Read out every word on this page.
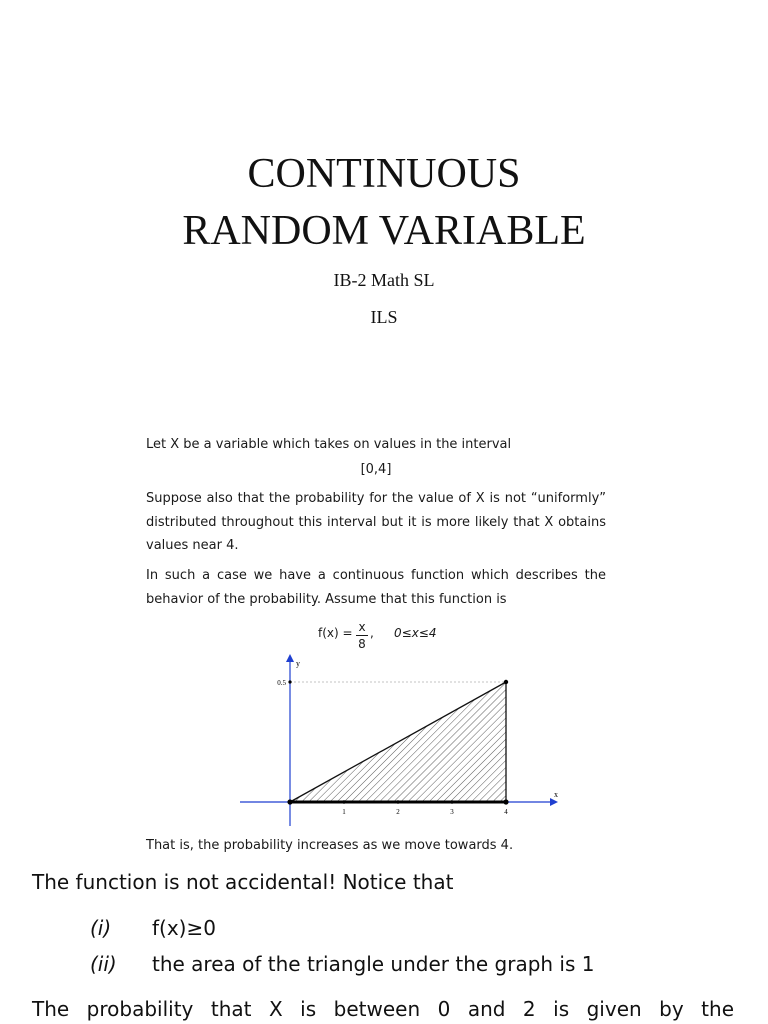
CONTINUOUS
RANDOM VARIABLE
IB-2 Math SL
ILS

Let X be a variable which takes on values in the interval

[0,4]

Suppose also that the probability for the value of X is not “uniformly” distributed throughout this interval but it is more likely that X obtains values near 4.

In such a case we have a continuous function which describes the behavior of the probability. Assume that this function is

f(x) = x
8
, 0≤x≤4
1	2	3	4
0.5
x
y

That is, the probability increases as we move towards 4.

The function is not accidental! Notice that
(i) f(x)≥0
(ii) the area of the triangle under the graph is 1
The probability that X is between 0 and 2 is given by the
